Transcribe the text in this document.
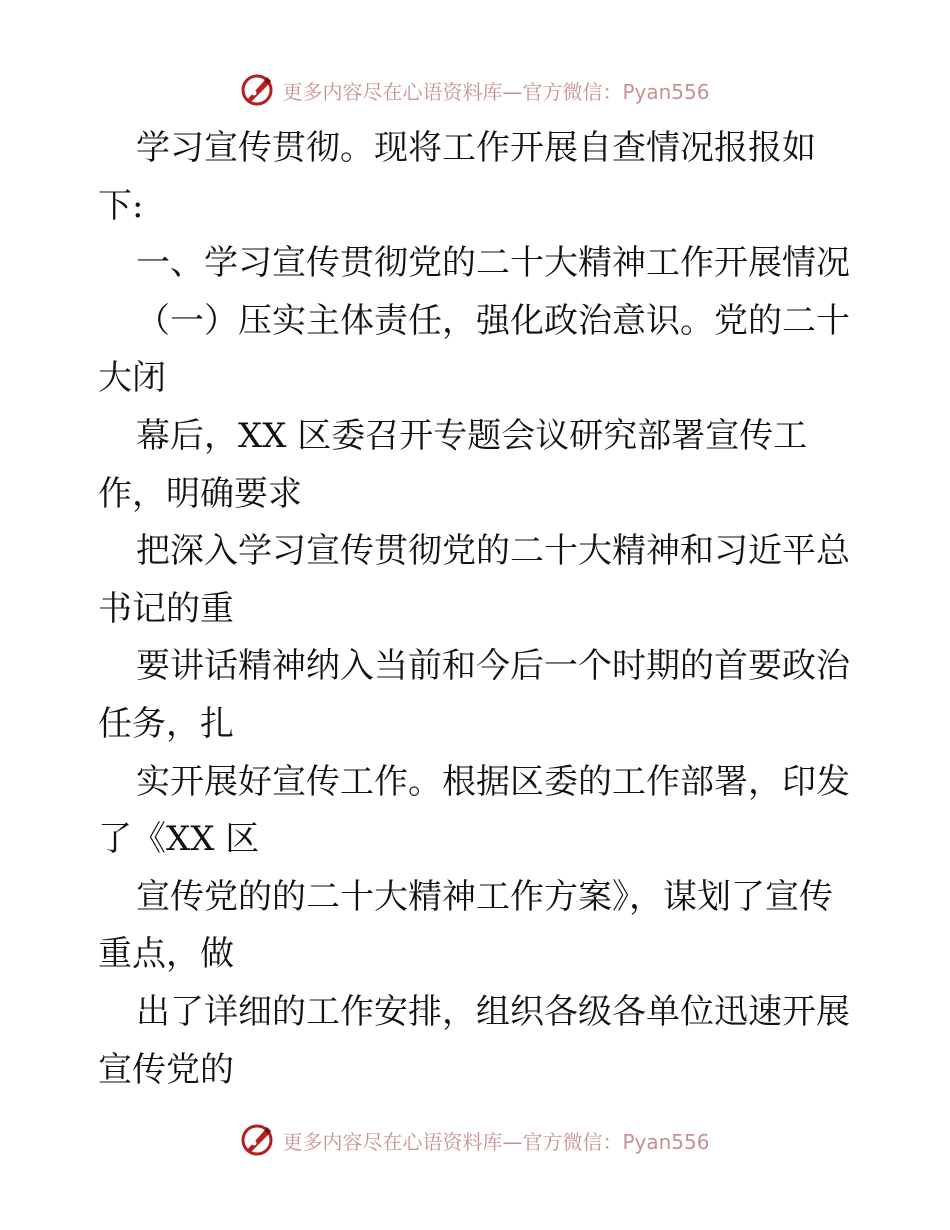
更多内容尽在心语资料库—官方微信：Pyan556
学习宣传贯彻。现将工作开展自查情况报报如
下:
一、学习宣传贯彻党的二十大精神工作开展情况
（一）压实主体责任，强化政治意识。党的二十
大闭
幕后，XX 区委召开专题会议研究部署宣传工
作，明确要求
把深入学习宣传贯彻党的二十大精神和习近平总
书记的重
要讲话精神纳入当前和今后一个时期的首要政治
任务，扎
实开展好宣传工作。根据区委的工作部署，印发
了《XX 区
宣传党的的二十大精神工作方案》，谋划了宣传
重点，做
出了详细的工作安排，组织各级各单位迅速开展
宣传党的
更多内容尽在心语资料库—官方微信：Pyan556
